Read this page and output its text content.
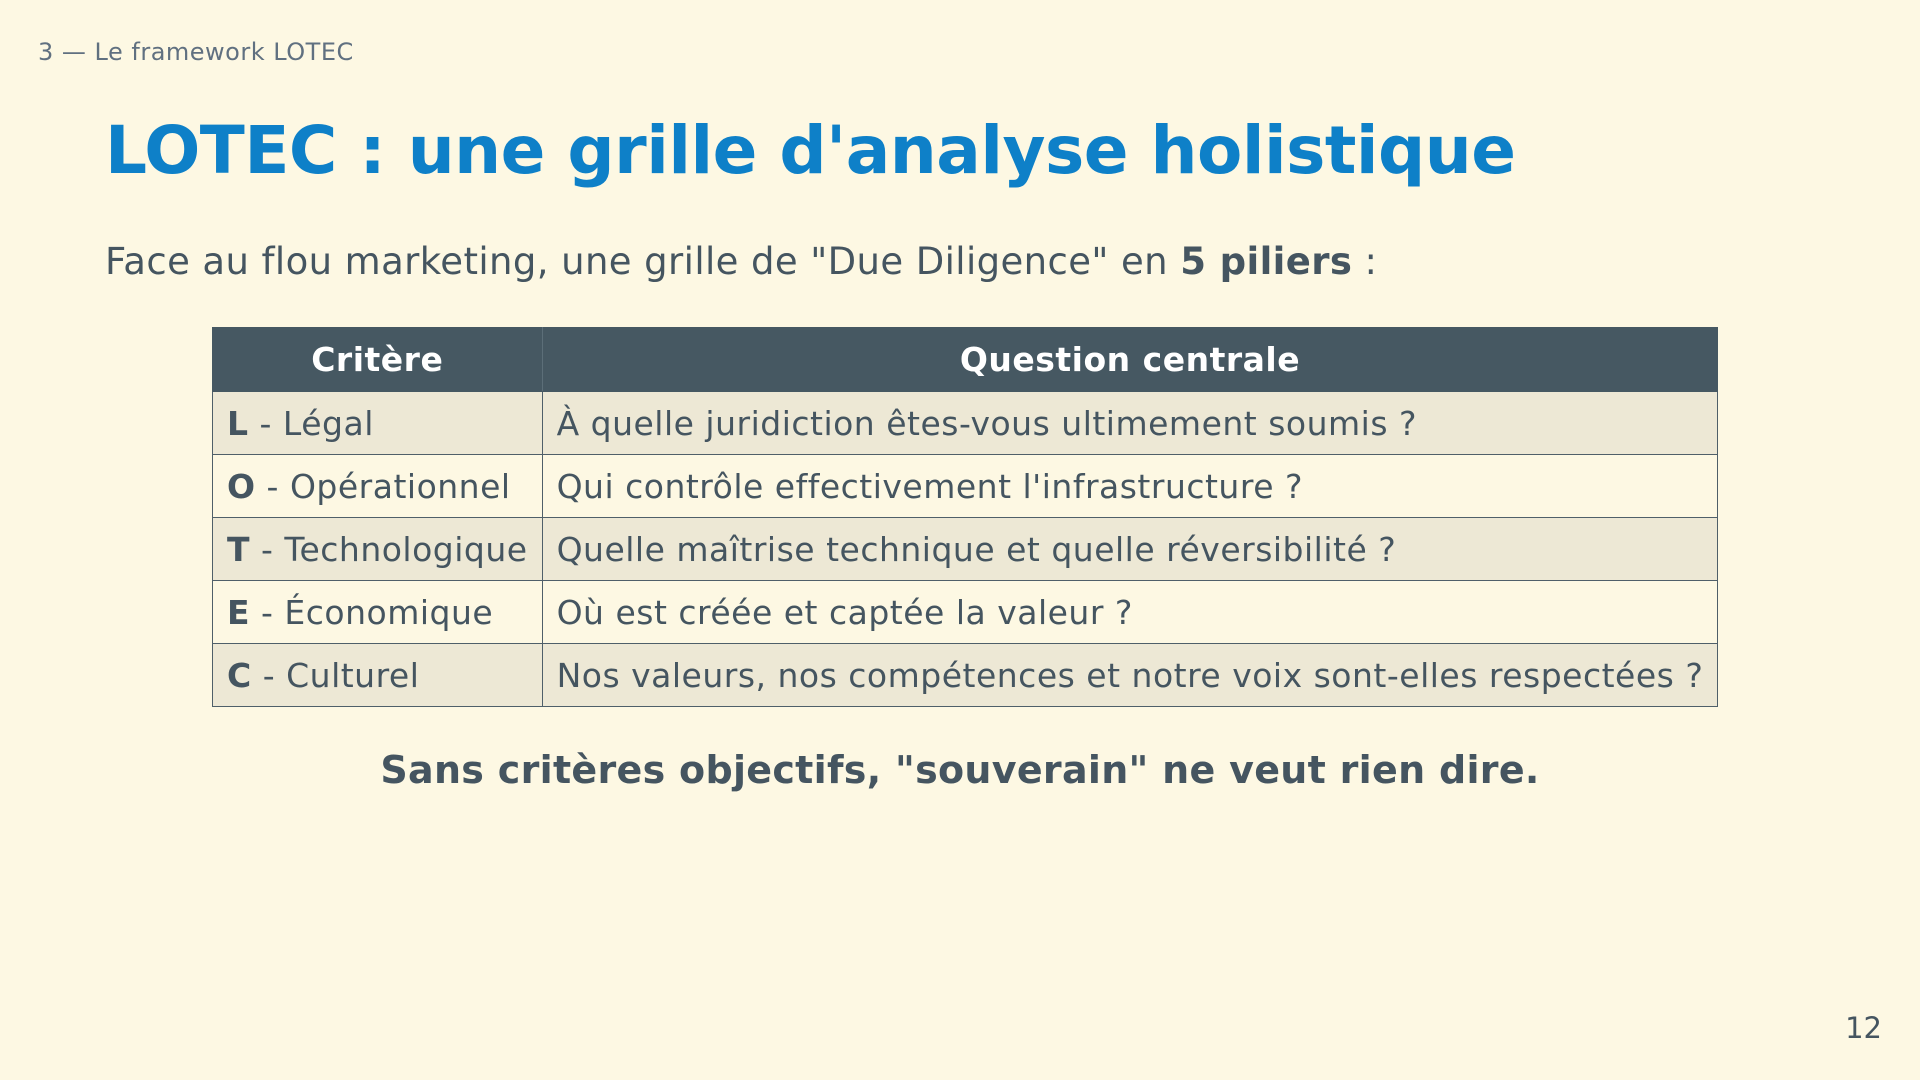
3 — Le framework LOTEC
LOTEC : une grille d'analyse holistique
Face au flou marketing, une grille de "Due Diligence" en 5 piliers :
Critère	Question centrale
L - Légal	À quelle juridiction êtes-vous ultimement soumis ?
O - Opérationnel	Qui contrôle effectivement l'infrastructure ?
T - Technologique	Quelle maîtrise technique et quelle réversibilité ?
E - Économique	Où est créée et captée la valeur ?
C - Culturel	Nos valeurs, nos compétences et notre voix sont-elles respectées ?
Sans critères objectifs, "souverain" ne veut rien dire.
12
